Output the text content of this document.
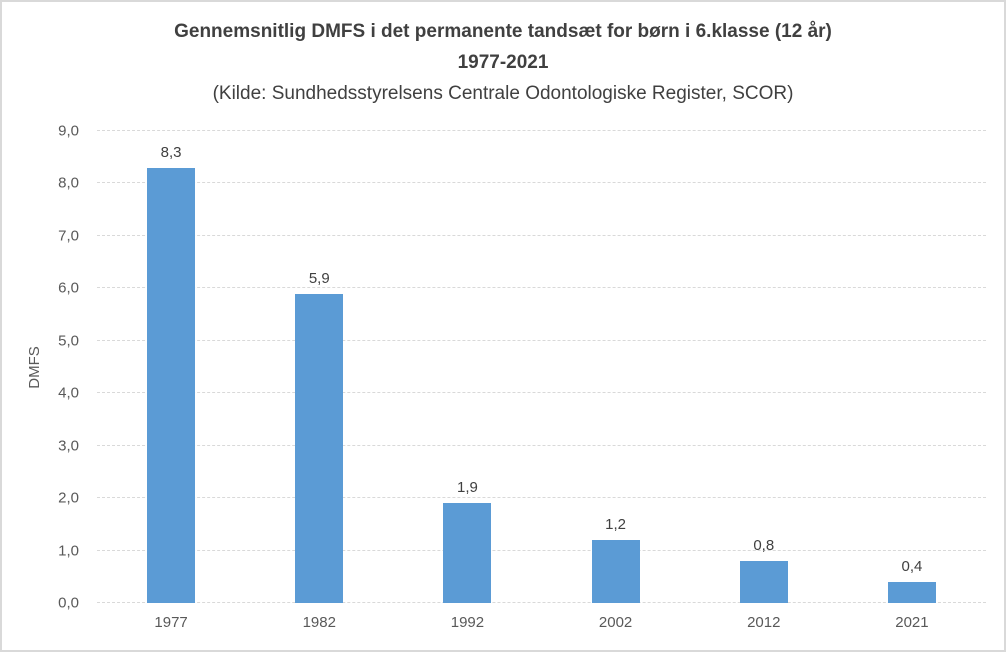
Gennemsnitlig DMFS i det permanente tandsæt for børn i 6.klasse (12 år)
1977-2021
(Kilde: Sundhedsstyrelsens Centrale Odontologiske Register, SCOR)
DMFS
0,0
1,0
2,0
3,0
4,0
5,0
6,0
7,0
8,0
9,0
8,3
5,9
1,9
1,2
0,8
0,4
1977	1982	1992	2002	2012	2021
